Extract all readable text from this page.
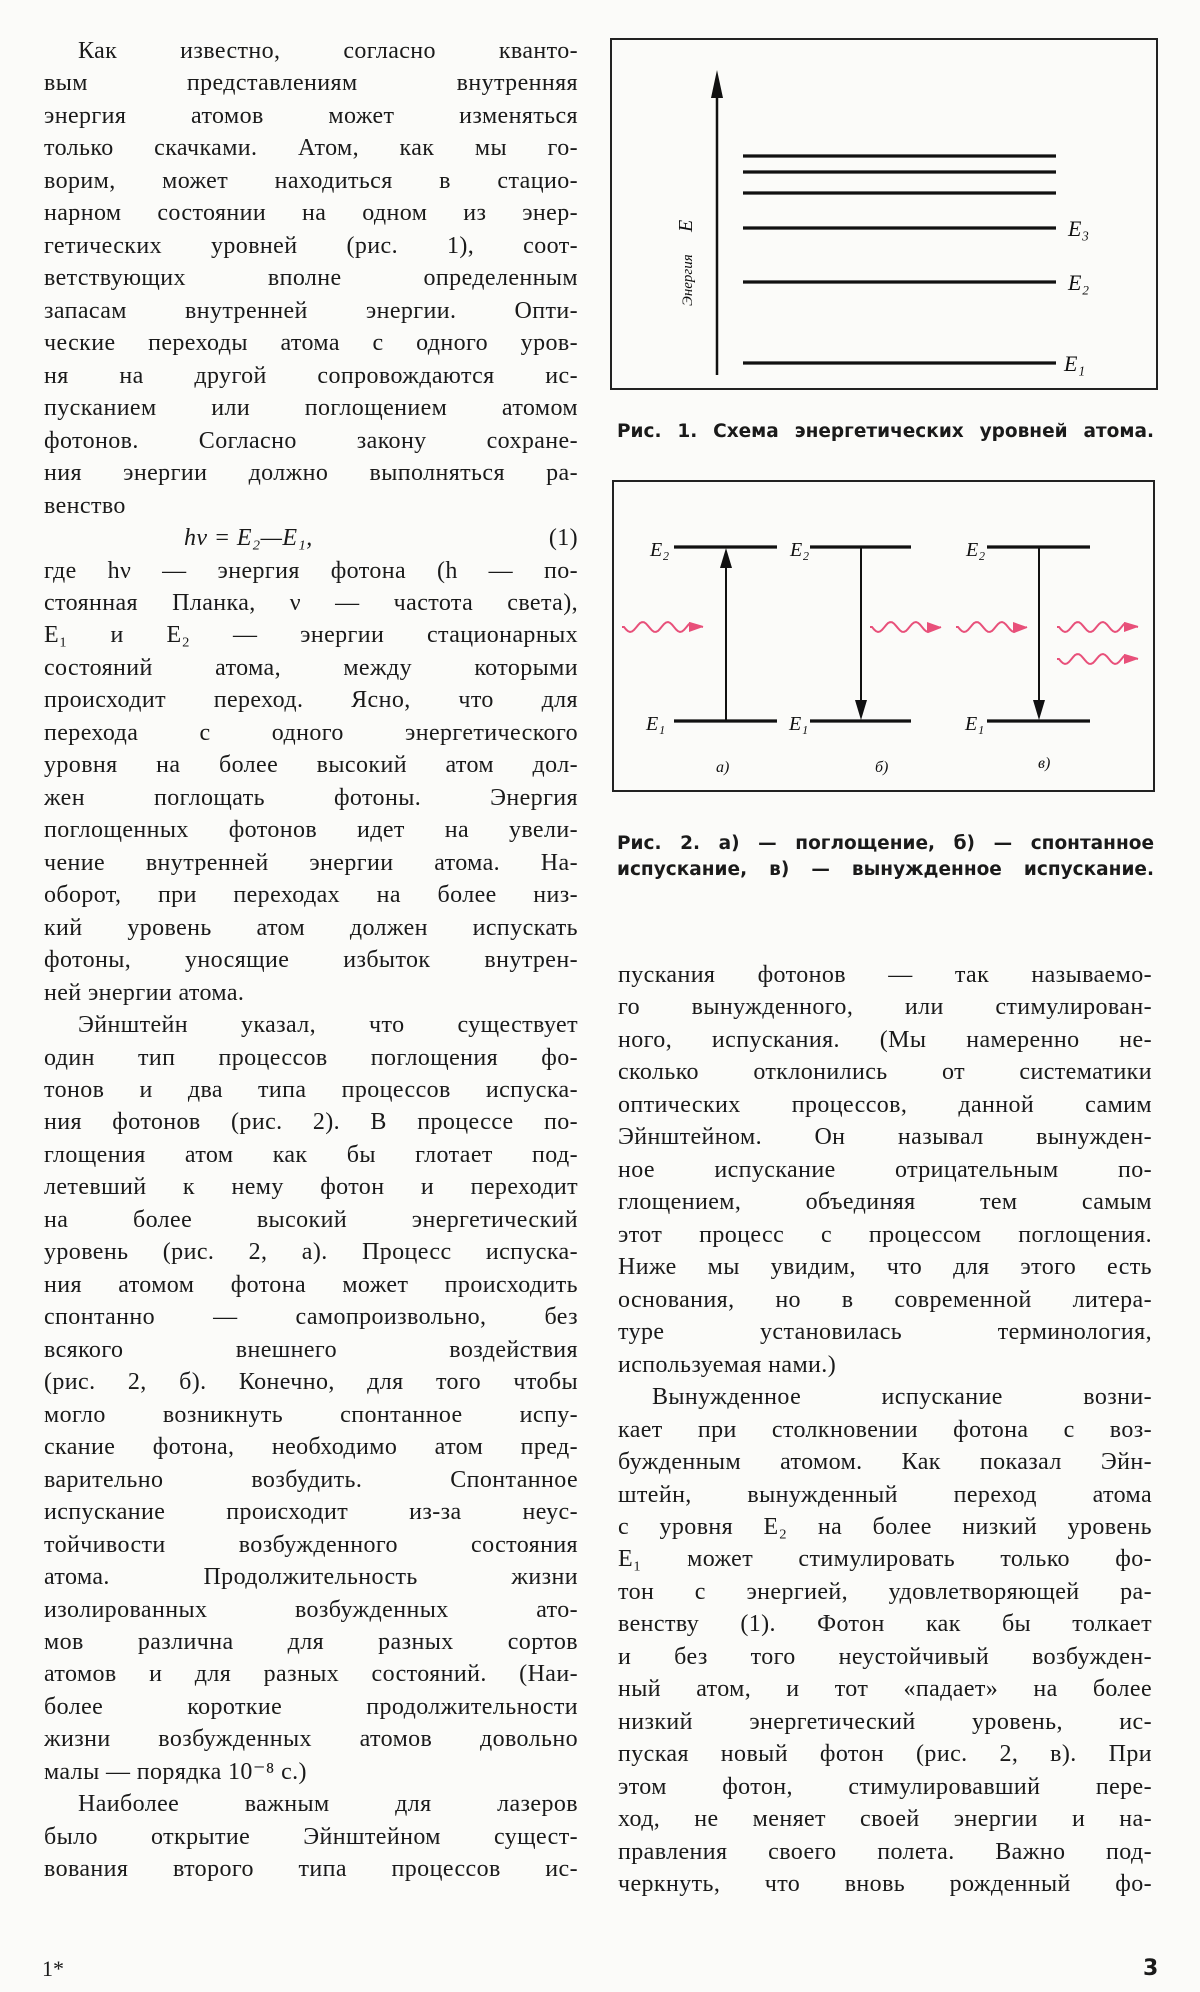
Как известно, согласно кванто-
вым представлениям внутренняя
энергия атомов может изменяться
только скачками. Атом, как мы го-
ворим, может находиться в стацио-
нарном состоянии на одном из энер-
гетических уровней (рис. 1), соот-
ветствующих вполне определенным
запасам внутренней энергии. Опти-
ческие переходы атома с одного уров-
ня на другой сопровождаются ис-
пусканием или поглощением атомом
фотонов. Согласно закону сохране-
ния энергии должно выполняться ра-
венство
hν = E₂—E₁,	(1)
где hν — энергия фотона (h — по-
стоянная Планка, ν — частота света),
E₁ и E₂ — энергии стационарных
состояний атома, между которыми
происходит переход. Ясно, что для
перехода с одного энергетического
уровня на более высокий атом дол-
жен поглощать фотоны. Энергия
поглощенных фотонов идет на увели-
чение внутренней энергии атома. На-
оборот, при переходах на более низ-
кий уровень атом должен испускать
фотоны, уносящие избыток внутрен-
ней энергии атома.
Эйнштейн указал, что существует
один тип процессов поглощения фо-
тонов и два типа процессов испуска-
ния фотонов (рис. 2). В процессе по-
глощения атом как бы глотает под-
летевший к нему фотон и переходит
на более высокий энергетический
уровень (рис. 2, а). Процесс испуска-
ния атомом фотона может происходить
спонтанно — самопроизвольно, без
всякого внешнего воздействия
(рис. 2, б). Конечно, для того чтобы
могло возникнуть спонтанное испу-
скание фотона, необходимо атом пред-
варительно возбудить. Спонтанное
испускание происходит из-за неус-
тойчивости возбужденного состояния
атома. Продолжительность жизни
изолированных возбужденных ато-
мов различна для разных сортов
атомов и для разных состояний. (Наи-
более короткие продолжительности
жизни возбужденных атомов довольно
малы — порядка 10⁻⁸ с.)
Наиболее важным для лазеров
было открытие Эйнштейном сущест-
вования второго типа процессов ис-
пускания фотонов — так называемо-
го вынужденного, или стимулирован-
ного, испускания. (Мы намеренно не-
сколько отклонились от систематики
оптических процессов, данной самим
Эйнштейном. Он называл вынужден-
ное испускание отрицательным по-
глощением, объединяя тем самым
этот процесс с процессом поглощения.
Ниже мы увидим, что для этого есть
основания, но в современной литера-
туре установилась терминология,
используемая нами.)
Вынужденное испускание возни-
кает при столкновении фотона с воз-
бужденным атомом. Как показал Эйн-
штейн, вынужденный переход атома
с уровня E₂ на более низкий уровень
E₁ может стимулировать только фо-
тон с энергией, удовлетворяющей ра-
венству (1). Фотон как бы толкает
и без того неустойчивый возбужден-
ный атом, и тот «падает» на более
низкий энергетический уровень, ис-
пуская новый фотон (рис. 2, в). При
этом фотон, стимулировавший пере-
ход, не меняет своей энергии и на-
правления своего полета. Важно под-
черкнуть, что вновь рожденный фо-
E₃
E₂
E₁
Энергия
E
E₂
E₁
E₂
E₁
E₂
E₁
а)	б)	в)
Рис. 1. Схема энергетических уровней атома.
Рис. 2. а) — поглощение, б) — спонтанное
испускание, в) — вынужденное испускание.
1*	3
